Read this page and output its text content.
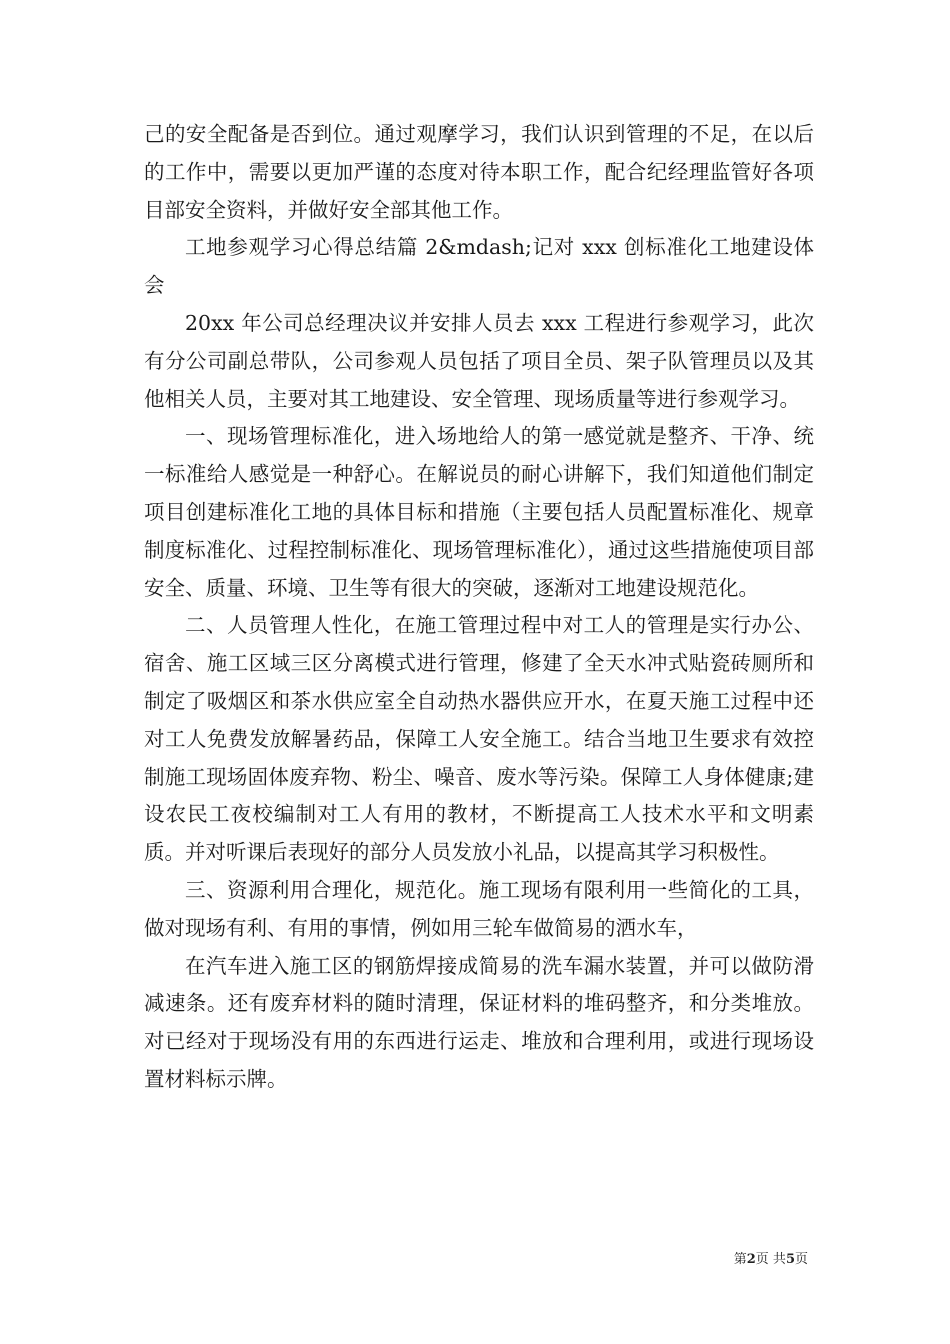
己的安全配备是否到位。通过观摩学习，我们认识到管理的不足，在以后的工作中，需要以更加严谨的态度对待本职工作，配合纪经理监管好各项目部安全资料，并做好安全部其他工作。

工地参观学习心得总结篇 2&mdash;记对 xxx 创标准化工地建设体会

20xx 年公司总经理决议并安排人员去 xxx 工程进行参观学习，此次有分公司副总带队，公司参观人员包括了项目全员、架子队管理员以及其他相关人员，主要对其工地建设、安全管理、现场质量等进行参观学习。

一、现场管理标准化，进入场地给人的第一感觉就是整齐、干净、统一标准给人感觉是一种舒心。在解说员的耐心讲解下，我们知道他们制定项目创建标准化工地的具体目标和措施（主要包括人员配置标准化、规章制度标准化、过程控制标准化、现场管理标准化），通过这些措施使项目部安全、质量、环境、卫生等有很大的突破，逐渐对工地建设规范化。

二、人员管理人性化，在施工管理过程中对工人的管理是实行办公、宿舍、施工区域三区分离模式进行管理，修建了全天水冲式贴瓷砖厕所和制定了吸烟区和茶水供应室全自动热水器供应开水，在夏天施工过程中还对工人免费发放解暑药品，保障工人安全施工。结合当地卫生要求有效控制施工现场固体废弃物、粉尘、噪音、废水等污染。保障工人身体健康;建设农民工夜校编制对工人有用的教材，不断提高工人技术水平和文明素质。并对听课后表现好的部分人员发放小礼品，以提高其学习积极性。

三、资源利用合理化，规范化。施工现场有限利用一些简化的工具，做对现场有利、有用的事情，例如用三轮车做简易的洒水车，

在汽车进入施工区的钢筋焊接成简易的洗车漏水装置，并可以做防滑减速条。还有废弃材料的随时清理，保证材料的堆码整齐，和分类堆放。对已经对于现场没有用的东西进行运走、堆放和合理利用，或进行现场设置材料标示牌。

第2页 共5页
